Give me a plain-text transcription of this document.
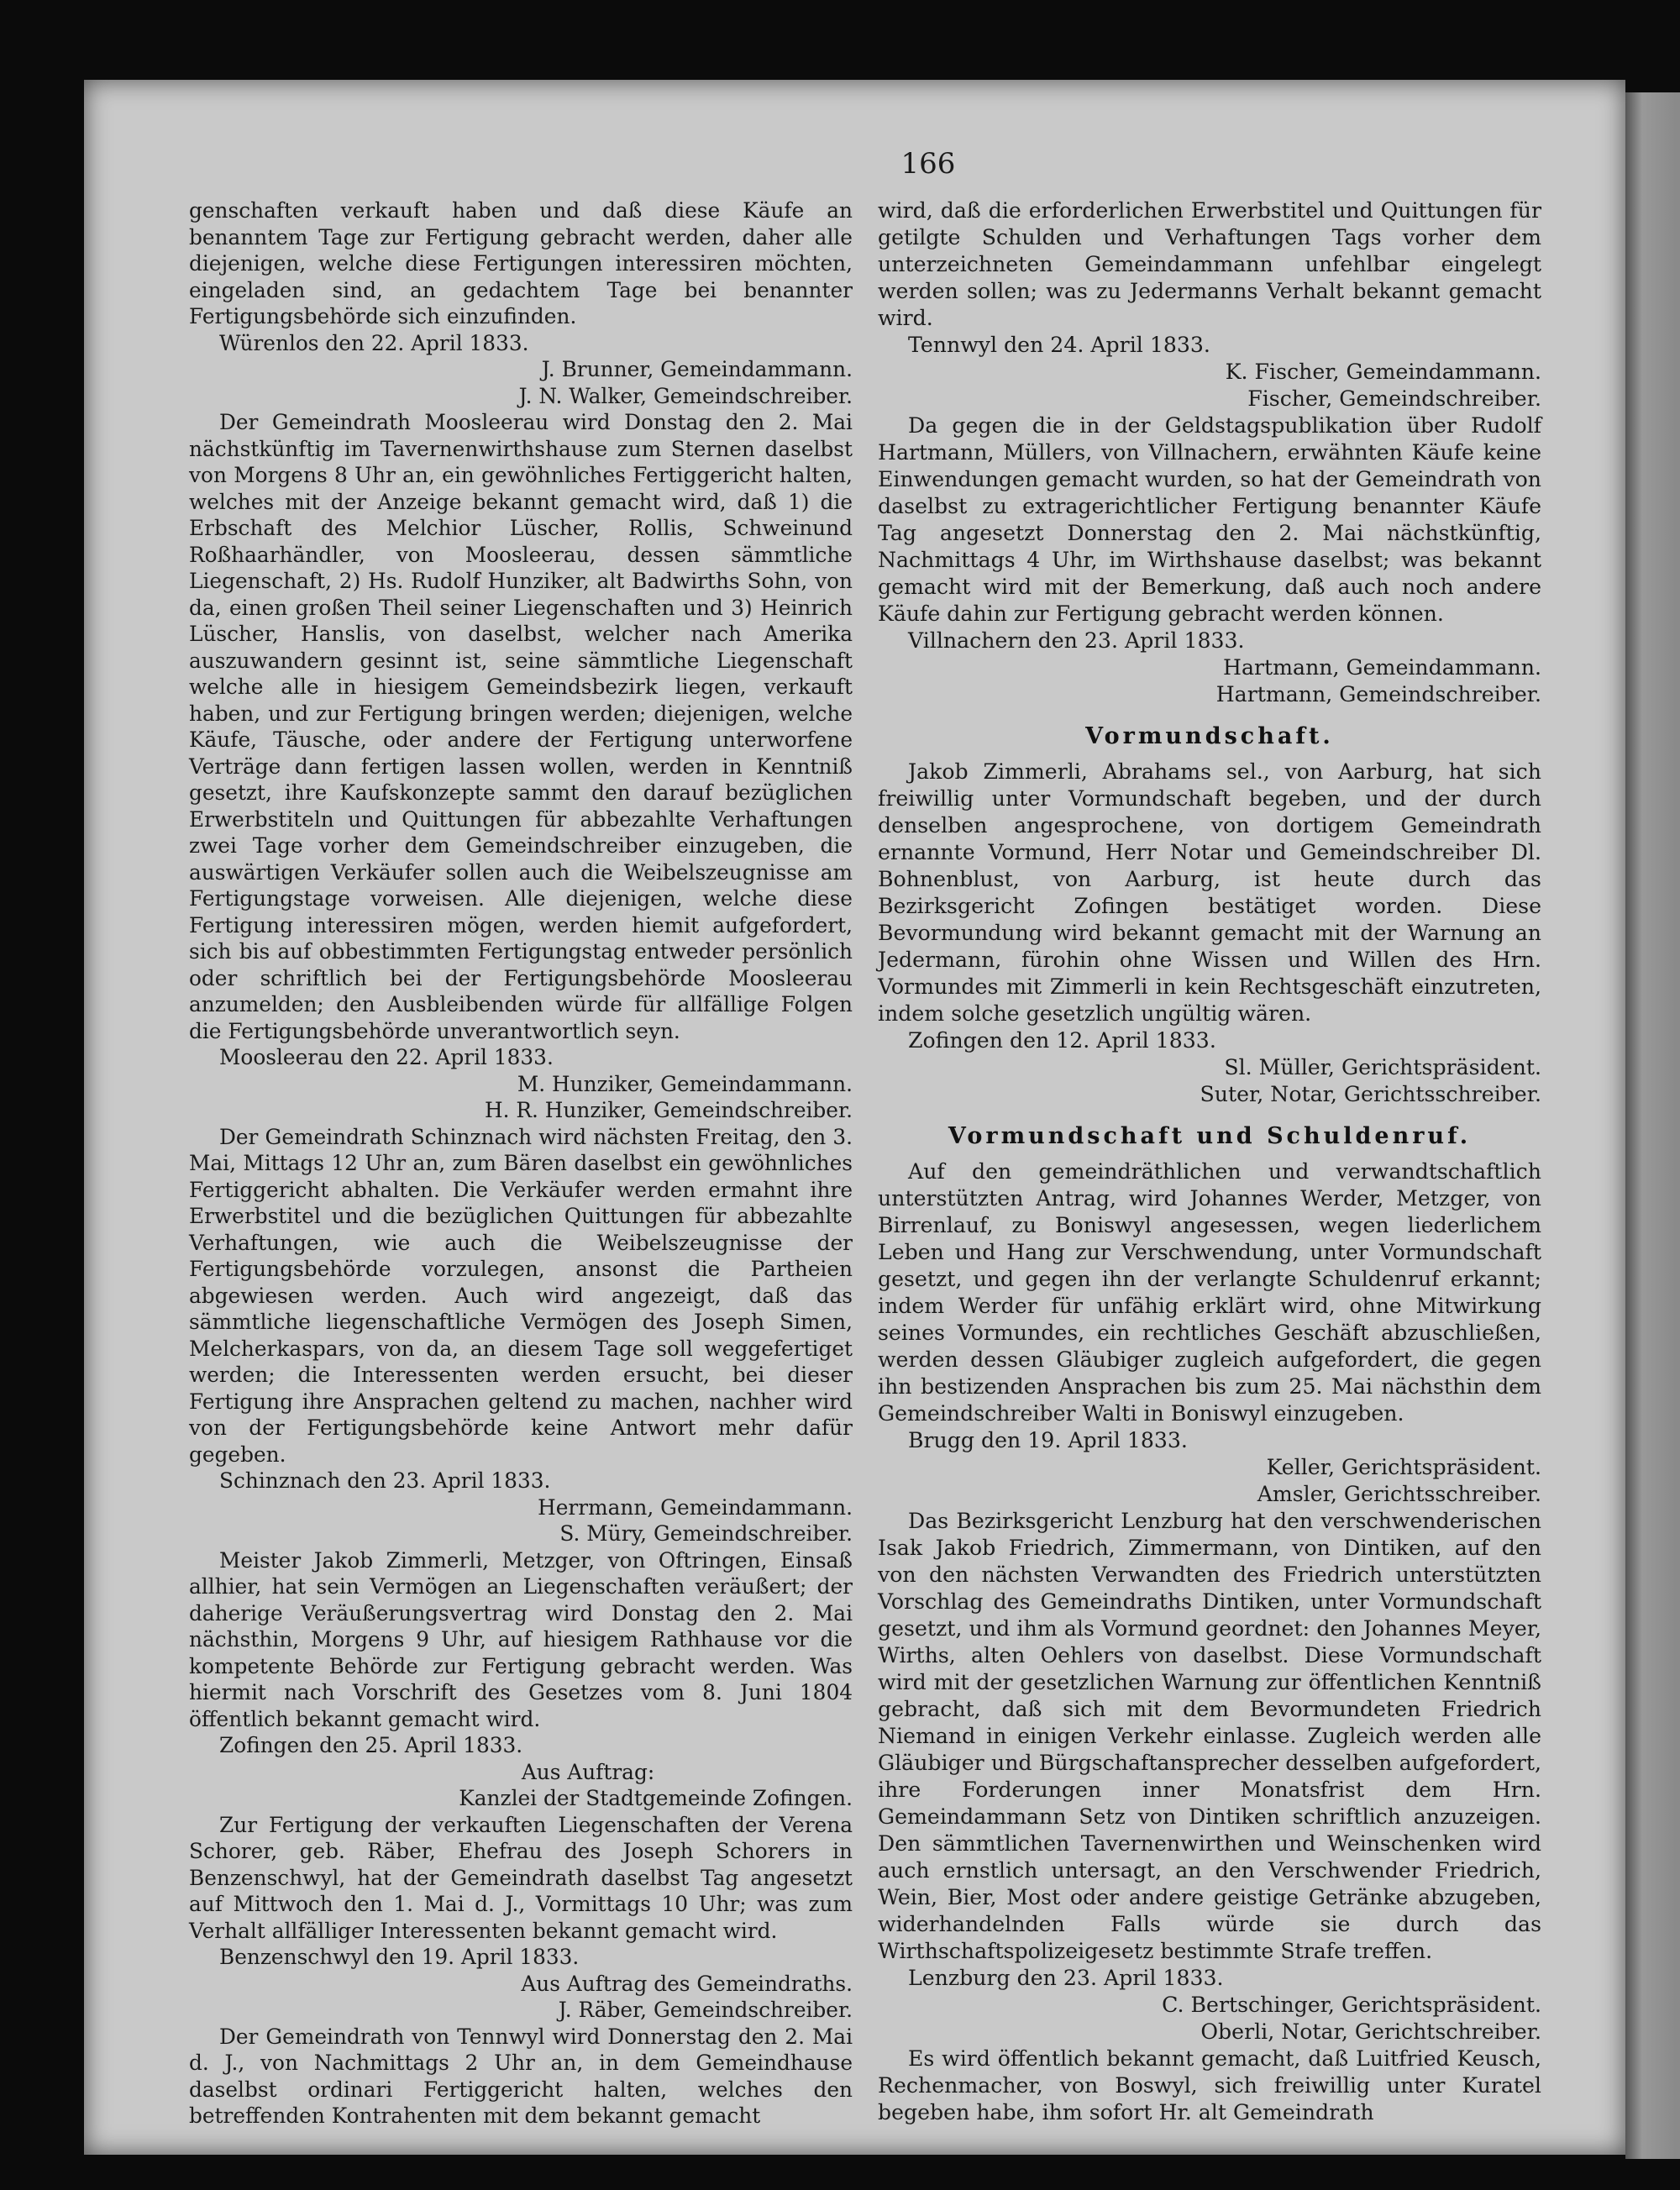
166

genschaften verkauft haben und daß diese Käufe an benanntem Tage zur Fertigung gebracht werden, daher alle diejenigen, welche diese Fertigungen interessiren möchten, eingeladen sind, an gedachtem Tage bei benannter Fertigungsbehörde sich einzufinden.

Würenlos den 22. April 1833.

J. Brunner, Gemeindammann.

J. N. Walker, Gemeindschreiber.

Der Gemeindrath Moosleerau wird Donstag den 2. Mai nächstkünftig im Tavernenwirthshause zum Sternen daselbst von Morgens 8 Uhr an, ein gewöhnliches Fertiggericht halten, welches mit der Anzeige bekannt gemacht wird, daß 1) die Erbschaft des Melchior Lüscher, Rollis, Schweinund Roßhaarhändler, von Moosleerau, dessen sämmtliche Liegenschaft, 2) Hs. Rudolf Hunziker, alt Badwirths Sohn, von da, einen großen Theil seiner Liegenschaften und 3) Heinrich Lüscher, Hanslis, von daselbst, welcher nach Amerika auszuwandern gesinnt ist, seine sämmtliche Liegenschaft welche alle in hiesigem Gemeindsbezirk liegen, verkauft haben, und zur Fertigung bringen werden; diejenigen, welche Käufe, Täusche, oder andere der Fertigung unterworfene Verträge dann fertigen lassen wollen, werden in Kenntniß gesetzt, ihre Kaufskonzepte sammt den darauf bezüglichen Erwerbstiteln und Quittungen für abbezahlte Verhaftungen zwei Tage vorher dem Gemeindschreiber einzugeben, die auswärtigen Verkäufer sollen auch die Weibelszeugnisse am Fertigungstage vorweisen. Alle diejenigen, welche diese Fertigung interessiren mögen, werden hiemit aufgefordert, sich bis auf obbestimmten Fertigungstag entweder persönlich oder schriftlich bei der Fertigungsbehörde Moosleerau anzumelden; den Ausbleibenden würde für allfällige Folgen die Fertigungsbehörde unverantwortlich seyn.

Moosleerau den 22. April 1833.

M. Hunziker, Gemeindammann.

H. R. Hunziker, Gemeindschreiber.

Der Gemeindrath Schinznach wird nächsten Freitag, den 3. Mai, Mittags 12 Uhr an, zum Bären daselbst ein gewöhnliches Fertiggericht abhalten. Die Verkäufer werden ermahnt ihre Erwerbstitel und die bezüglichen Quittungen für abbezahlte Verhaftungen, wie auch die Weibelszeugnisse der Fertigungsbehörde vorzulegen, ansonst die Partheien abgewiesen werden. Auch wird angezeigt, daß das sämmtliche liegenschaftliche Vermögen des Joseph Simen, Melcherkaspars, von da, an diesem Tage soll weggefertiget werden; die Interessenten werden ersucht, bei dieser Fertigung ihre Ansprachen geltend zu machen, nachher wird von der Fertigungsbehörde keine Antwort mehr dafür gegeben.

Schinznach den 23. April 1833.

Herrmann, Gemeindammann.

S. Müry, Gemeindschreiber.

Meister Jakob Zimmerli, Metzger, von Oftringen, Einsaß allhier, hat sein Vermögen an Liegenschaften veräußert; der daherige Veräußerungsvertrag wird Donstag den 2. Mai nächsthin, Morgens 9 Uhr, auf hiesigem Rathhause vor die kompetente Behörde zur Fertigung gebracht werden. Was hiermit nach Vorschrift des Gesetzes vom 8. Juni 1804 öffentlich bekannt gemacht wird.

Zofingen den 25. April 1833.

Aus Auftrag:

Kanzlei der Stadtgemeinde Zofingen.

Zur Fertigung der verkauften Liegenschaften der Verena Schorer, geb. Räber, Ehefrau des Joseph Schorers in Benzenschwyl, hat der Gemeindrath daselbst Tag angesetzt auf Mittwoch den 1. Mai d. J., Vormittags 10 Uhr; was zum Verhalt allfälliger Interessenten bekannt gemacht wird.

Benzenschwyl den 19. April 1833.

Aus Auftrag des Gemeindraths.

J. Räber, Gemeindschreiber.

Der Gemeindrath von Tennwyl wird Donnerstag den 2. Mai d. J., von Nachmittags 2 Uhr an, in dem Gemeindhause daselbst ordinari Fertiggericht halten, welches den betreffenden Kontrahenten mit dem bekannt gemacht

wird, daß die erforderlichen Erwerbstitel und Quittungen für getilgte Schulden und Verhaftungen Tags vorher dem unterzeichneten Gemeindammann unfehlbar eingelegt werden sollen; was zu Jedermanns Verhalt bekannt gemacht wird.

Tennwyl den 24. April 1833.

K. Fischer, Gemeindammann.

Fischer, Gemeindschreiber.

Da gegen die in der Geldstagspublikation über Rudolf Hartmann, Müllers, von Villnachern, erwähnten Käufe keine Einwendungen gemacht wurden, so hat der Gemeindrath von daselbst zu extragerichtlicher Fertigung benannter Käufe Tag angesetzt Donnerstag den 2. Mai nächstkünftig, Nachmittags 4 Uhr, im Wirthshause daselbst; was bekannt gemacht wird mit der Bemerkung, daß auch noch andere Käufe dahin zur Fertigung gebracht werden können.

Villnachern den 23. April 1833.

Hartmann, Gemeindammann.

Hartmann, Gemeindschreiber.

Vormundschaft.

Jakob Zimmerli, Abrahams sel., von Aarburg, hat sich freiwillig unter Vormundschaft begeben, und der durch denselben angesprochene, von dortigem Gemeindrath ernannte Vormund, Herr Notar und Gemeindschreiber Dl. Bohnenblust, von Aarburg, ist heute durch das Bezirksgericht Zofingen bestätiget worden. Diese Bevormundung wird bekannt gemacht mit der Warnung an Jedermann, fürohin ohne Wissen und Willen des Hrn. Vormundes mit Zimmerli in kein Rechtsgeschäft einzutreten, indem solche gesetzlich ungültig wären.

Zofingen den 12. April 1833.

Sl. Müller, Gerichtspräsident.

Suter, Notar, Gerichtsschreiber.

Vormundschaft und Schuldenruf.

Auf den gemeindräthlichen und verwandtschaftlich unterstützten Antrag, wird Johannes Werder, Metzger, von Birrenlauf, zu Boniswyl angesessen, wegen liederlichem Leben und Hang zur Verschwendung, unter Vormundschaft gesetzt, und gegen ihn der verlangte Schuldenruf erkannt; indem Werder für unfähig erklärt wird, ohne Mitwirkung seines Vormundes, ein rechtliches Geschäft abzuschließen, werden dessen Gläubiger zugleich aufgefordert, die gegen ihn bestizenden Ansprachen bis zum 25. Mai nächsthin dem Gemeindschreiber Walti in Boniswyl einzugeben.

Brugg den 19. April 1833.

Keller, Gerichtspräsident.

Amsler, Gerichtsschreiber.

Das Bezirksgericht Lenzburg hat den verschwenderischen Isak Jakob Friedrich, Zimmermann, von Dintiken, auf den von den nächsten Verwandten des Friedrich unterstützten Vorschlag des Gemeindraths Dintiken, unter Vormundschaft gesetzt, und ihm als Vormund geordnet: den Johannes Meyer, Wirths, alten Oehlers von daselbst. Diese Vormundschaft wird mit der gesetzlichen Warnung zur öffentlichen Kenntniß gebracht, daß sich mit dem Bevormundeten Friedrich Niemand in einigen Verkehr einlasse. Zugleich werden alle Gläubiger und Bürgschaftansprecher desselben aufgefordert, ihre Forderungen inner Monatsfrist dem Hrn. Gemeindammann Setz von Dintiken schriftlich anzuzeigen. Den sämmtlichen Tavernenwirthen und Weinschenken wird auch ernstlich untersagt, an den Verschwender Friedrich, Wein, Bier, Most oder andere geistige Getränke abzugeben, widerhandelnden Falls würde sie durch das Wirthschaftspolizeigesetz bestimmte Strafe treffen.

Lenzburg den 23. April 1833.

C. Bertschinger, Gerichtspräsident.

Oberli, Notar, Gerichtschreiber.

Es wird öffentlich bekannt gemacht, daß Luitfried Keusch, Rechenmacher, von Boswyl, sich freiwillig unter Kuratel begeben habe, ihm sofort Hr. alt Gemeindrath
